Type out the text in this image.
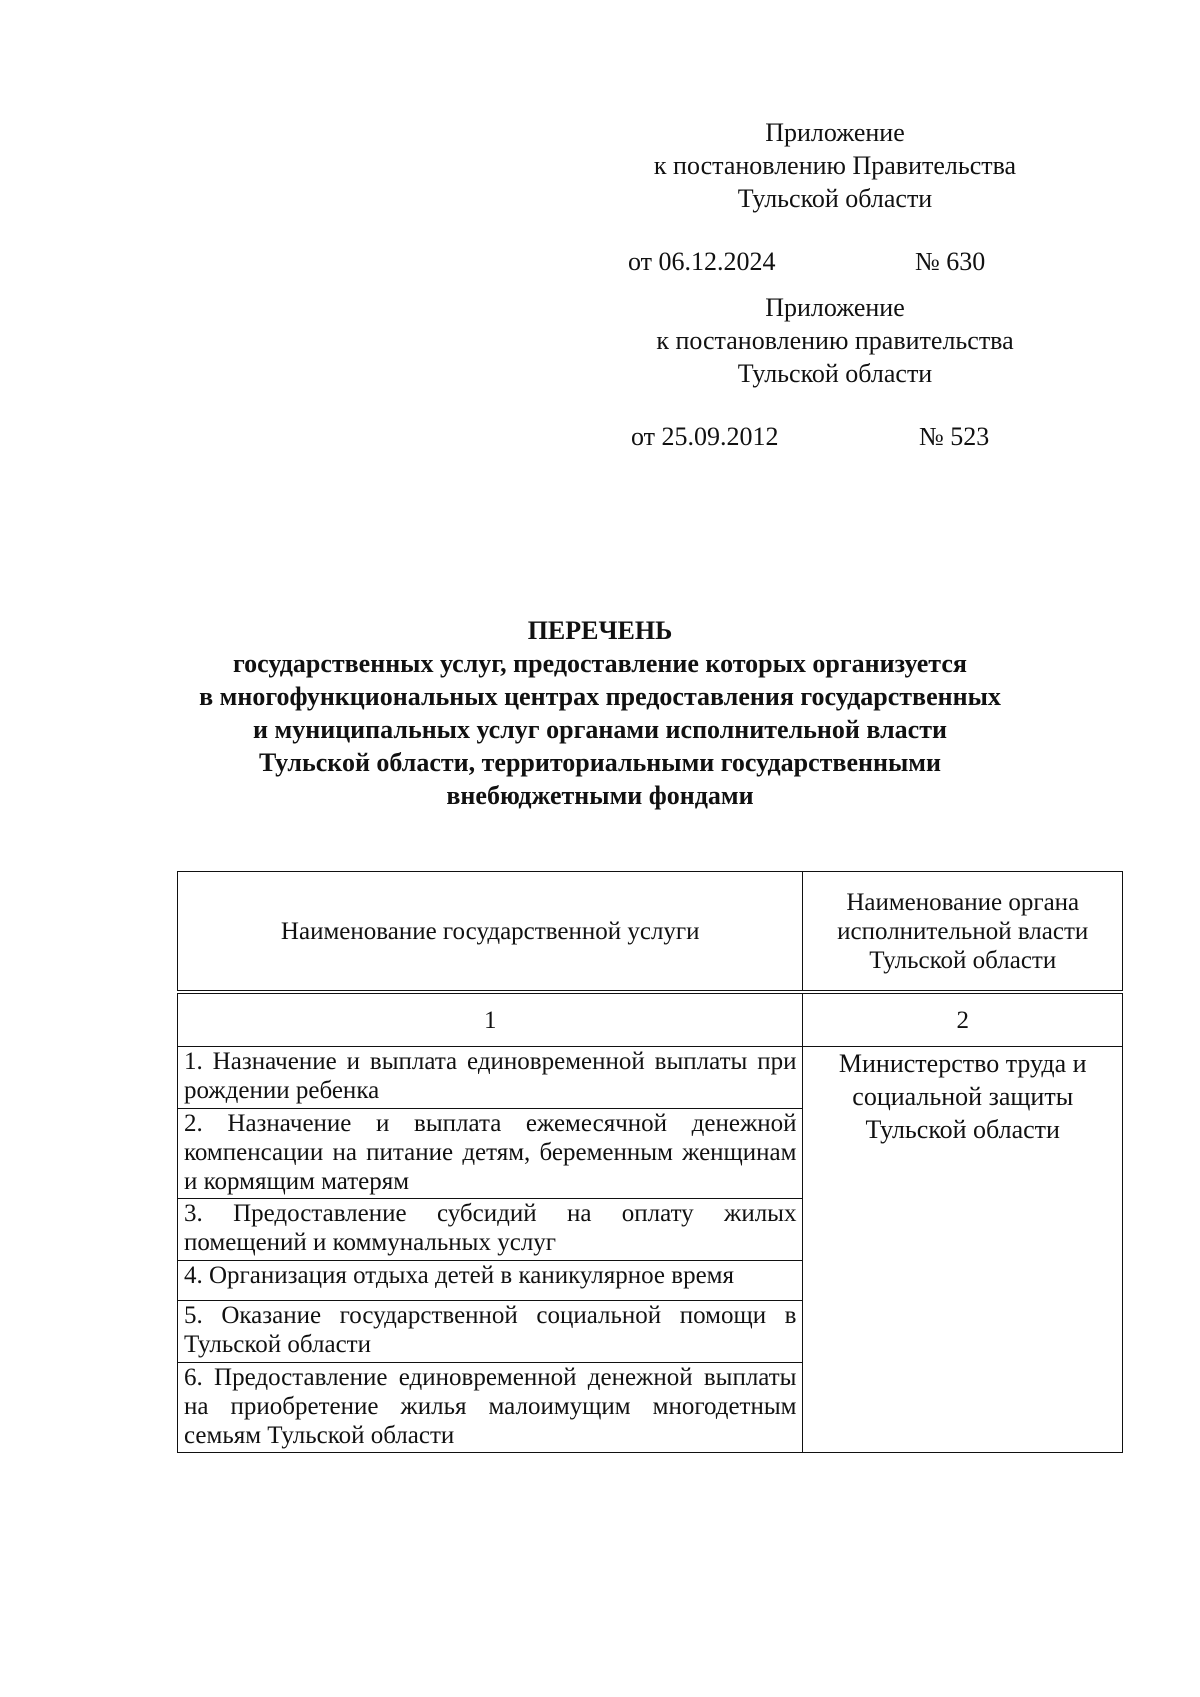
Приложение
к постановлению Правительства
Тульской области
от 06.12.2024	№ 630
Приложение
к постановлению правительства
Тульской области
от 25.09.2012	№ 523
ПЕРЕЧЕНЬ
государственных услуг, предоставление которых организуется
в многофункциональных центрах предоставления государственных
и муниципальных услуг органами исполнительной власти
Тульской области, территориальными государственными
внебюджетными фондами
Наименование государственной услуги	Наименование органа исполнительной власти Тульской области
1	2
1. Назначение и выплата единовременной выплаты при рождении ребенка	Министерство труда и социальной защиты Тульской области
2. Назначение и выплата ежемесячной денежной компенсации на питание детям, беременным женщинам и кормящим матерям	
3. Предоставление субсидий на оплату жилых помещений и коммунальных услуг	
4. Организация отдыха детей в каникулярное время	
5. Оказание государственной социальной помощи в Тульской области	
6. Предоставление единовременной денежной выплаты на приобретение жилья малоимущим многодетным семьям Тульской области	
